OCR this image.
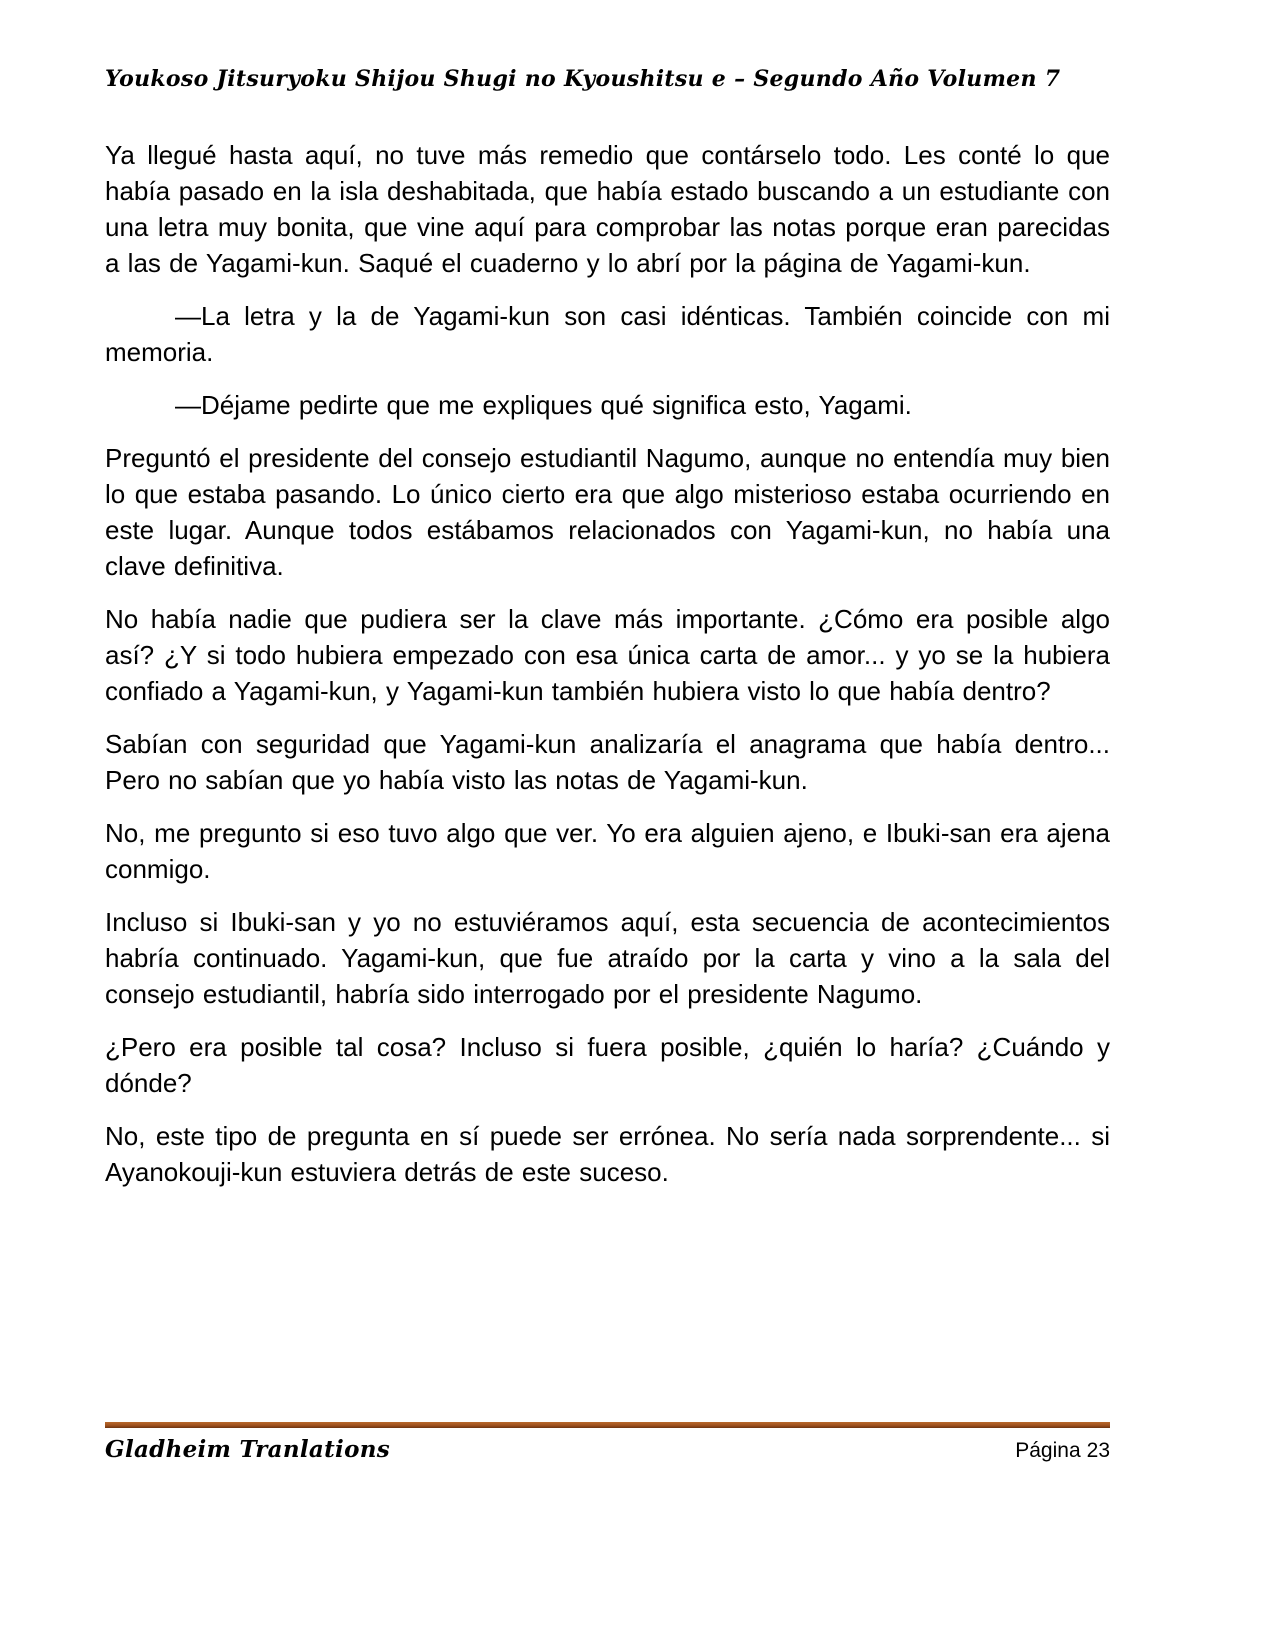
Youkoso Jitsuryoku Shijou Shugi no Kyoushitsu e – Segundo Año Volumen 7

Ya llegué hasta aquí, no tuve más remedio que contárselo todo. Les conté lo que había pasado en la isla deshabitada, que había estado buscando a un estudiante con una letra muy bonita, que vine aquí para comprobar las notas porque eran parecidas a las de Yagami-kun. Saqué el cuaderno y lo abrí por la página de Yagami-kun.

—La letra y la de Yagami-kun son casi idénticas. También coincide con mi memoria.

—Déjame pedirte que me expliques qué significa esto, Yagami.

Preguntó el presidente del consejo estudiantil Nagumo, aunque no entendía muy bien lo que estaba pasando. Lo único cierto era que algo misterioso estaba ocurriendo en este lugar. Aunque todos estábamos relacionados con Yagami-kun, no había una clave definitiva.

No había nadie que pudiera ser la clave más importante. ¿Cómo era posible algo así? ¿Y si todo hubiera empezado con esa única carta de amor... y yo se la hubiera confiado a Yagami-kun, y Yagami-kun también hubiera visto lo que había dentro?

Sabían con seguridad que Yagami-kun analizaría el anagrama que había dentro... Pero no sabían que yo había visto las notas de Yagami-kun.

No, me pregunto si eso tuvo algo que ver. Yo era alguien ajeno, e Ibuki-san era ajena conmigo.

Incluso si Ibuki-san y yo no estuviéramos aquí, esta secuencia de acontecimientos habría continuado. Yagami-kun, que fue atraído por la carta y vino a la sala del consejo estudiantil, habría sido interrogado por el presidente Nagumo.

¿Pero era posible tal cosa? Incluso si fuera posible, ¿quién lo haría? ¿Cuándo y dónde?

No, este tipo de pregunta en sí puede ser errónea. No sería nada sorprendente... si Ayanokouji-kun estuviera detrás de este suceso.

Gladheim Tranlations	Página 23
